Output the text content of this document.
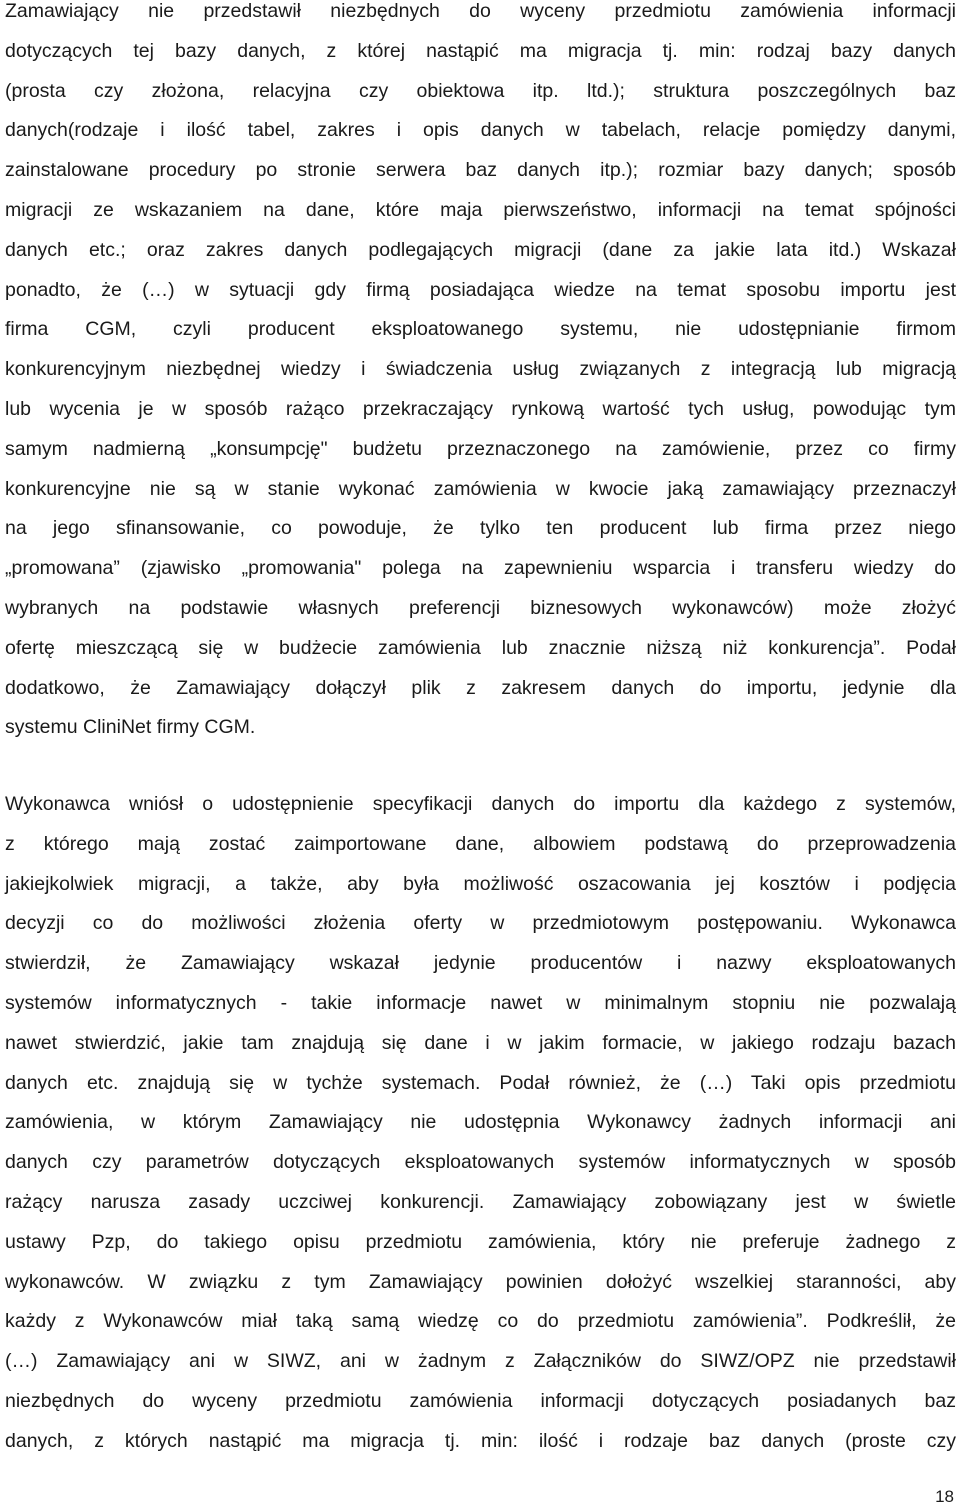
Zamawiający nie przedstawił niezbędnych do wyceny przedmiotu zamówienia informacji
dotyczących tej bazy danych, z której nastąpić ma migracja tj. min: rodzaj bazy danych
(prosta czy złożona, relacyjna czy obiektowa itp. ltd.); struktura poszczególnych baz
danych(rodzaje i ilość tabel, zakres i opis danych w tabelach, relacje pomiędzy danymi,
zainstalowane procedury po stronie serwera baz danych itp.); rozmiar bazy danych; sposób
migracji ze wskazaniem na dane, które maja pierwszeństwo, informacji na temat spójności
danych etc.; oraz zakres danych podlegających migracji (dane za jakie lata itd.) Wskazał
ponadto, że (…) w sytuacji gdy firmą posiadająca wiedze na temat sposobu importu jest
firma CGM, czyli producent eksploatowanego systemu, nie udostępnianie firmom
konkurencyjnym niezbędnej wiedzy i świadczenia usług związanych z integracją lub migracją
lub wycenia je w sposób rażąco przekraczający rynkową wartość tych usług, powodując tym
samym nadmierną „konsumpcję" budżetu przeznaczonego na zamówienie, przez co firmy
konkurencyjne nie są w stanie wykonać zamówienia w kwocie jaką zamawiający przeznaczył
na jego sfinansowanie, co powoduje, że tylko ten producent lub firma przez niego
„promowana” (zjawisko „promowania" polega na zapewnieniu wsparcia i transferu wiedzy do
wybranych na podstawie własnych preferencji biznesowych wykonawców) może złożyć
ofertę mieszczącą się w budżecie zamówienia lub znacznie niższą niż konkurencja”. Podał
dodatkowo, że Zamawiający dołączył plik z zakresem danych do importu, jedynie dla
systemu CliniNet firmy CGM.
Wykonawca wniósł o udostępnienie specyfikacji danych do importu dla każdego z systemów,
z którego mają zostać zaimportowane dane, albowiem podstawą do przeprowadzenia
jakiejkolwiek migracji, a także, aby była możliwość oszacowania jej kosztów i podjęcia
decyzji co do możliwości złożenia oferty w przedmiotowym postępowaniu. Wykonawca
stwierdził, że Zamawiający wskazał jedynie producentów i nazwy eksploatowanych
systemów informatycznych - takie informacje nawet w minimalnym stopniu nie pozwalają
nawet stwierdzić, jakie tam znajdują się dane i w jakim formacie, w jakiego rodzaju bazach
danych etc. znajdują się w tychże systemach. Podał również, że (…) Taki opis przedmiotu
zamówienia, w którym Zamawiający nie udostępnia Wykonawcy żadnych informacji ani
danych czy parametrów dotyczących eksploatowanych systemów informatycznych w sposób
rażący narusza zasady uczciwej konkurencji. Zamawiający zobowiązany jest w świetle
ustawy Pzp, do takiego opisu przedmiotu zamówienia, który nie preferuje żadnego z
wykonawców. W związku z tym Zamawiający powinien dołożyć wszelkiej staranności, aby
każdy z Wykonawców miał taką samą wiedzę co do przedmiotu zamówienia”. Podkreślił, że
(…) Zamawiający ani w SIWZ, ani w żadnym z Załączników do SIWZ/OPZ nie przedstawił
niezbędnych do wyceny przedmiotu zamówienia informacji dotyczących posiadanych baz
danych, z których nastąpić ma migracja tj. min: ilość i rodzaje baz danych (proste czy
18
